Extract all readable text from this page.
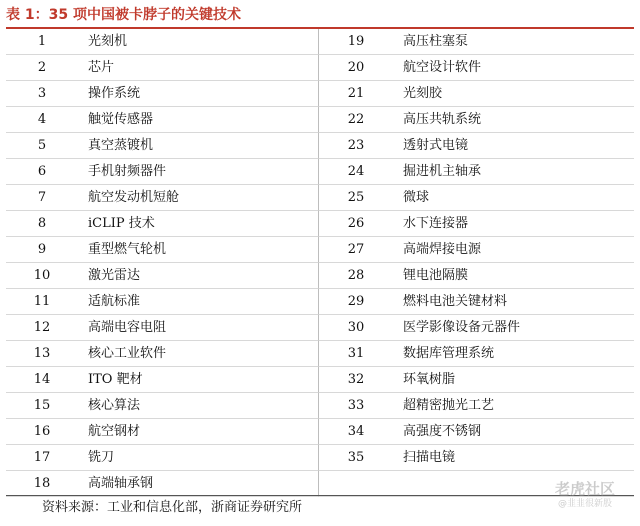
表 1：35 项中国被卡脖子的关键技术
1	光刻机	19	高压柱塞泵
2	芯片	20	航空设计软件
3	操作系统	21	光刻胶
4	触觉传感器	22	高压共轨系统
5	真空蒸镀机	23	透射式电镜
6	手机射频器件	24	掘进机主轴承
7	航空发动机短舱	25	微球
8	iCLIP 技术	26	水下连接器
9	重型燃气轮机	27	高端焊接电源
10	激光雷达	28	锂电池隔膜
11	适航标准	29	燃料电池关键材料
12	高端电容电阻	30	医学影像设备元器件
13	核心工业软件	31	数据库管理系统
14	ITO 靶材	32	环氧树脂
15	核心算法	33	超精密抛光工艺
16	航空钢材	34	高强度不锈钢
17	铣刀	35	扫描电镜
18	高端轴承钢
资料来源：工业和信息化部，浙商证券研究所
老虎社区
@韭韭很新股
